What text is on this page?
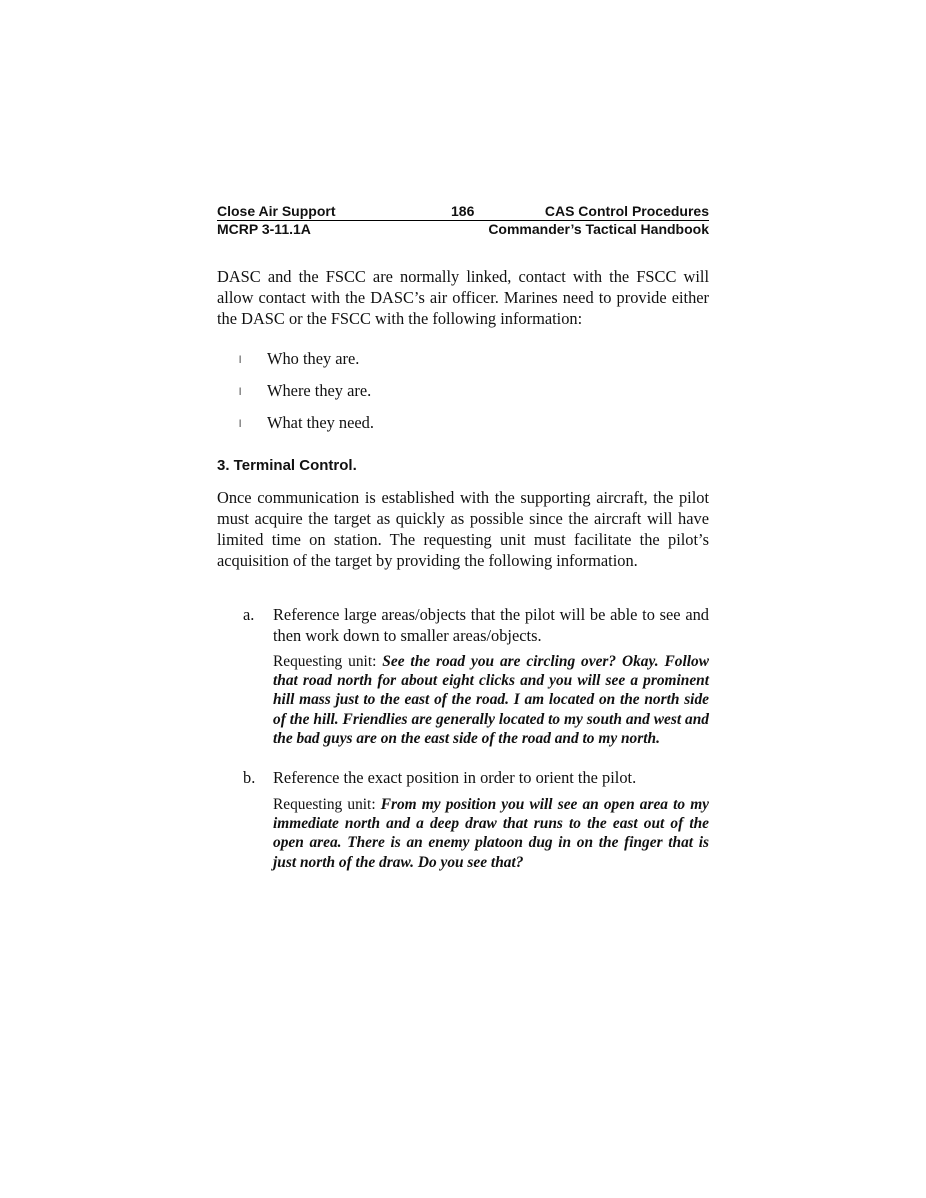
Close Air Support	186	CAS Control Procedures
MCRP 3-11.1A	Commander’s Tactical Handbook
DASC and the FSCC are normally linked, contact with the FSCC will allow contact with the DASC’s air officer. Marines need to provide either the DASC or the FSCC with the following information:
l Who they are.
l Where they are.
l What they need.
3. Terminal Control.
Once communication is established with the supporting aircraft, the pilot must acquire the target as quickly as possible since the aircraft will have limited time on station. The requesting unit must facilitate the pilot’s acquisition of the target by providing the following information.
a. Reference large areas/objects that the pilot will be able to see and then work down to smaller areas/objects.
Requesting unit: See the road you are circling over? Okay. Follow that road north for about eight clicks and you will see a prominent hill mass just to the east of the road. I am located on the north side of the hill. Friendlies are generally located to my south and west and the bad guys are on the east side of the road and to my north.
b. Reference the exact position in order to orient the pilot.
Requesting unit: From my position you will see an open area to my immediate north and a deep draw that runs to the east out of the open area. There is an enemy platoon dug in on the finger that is just north of the draw. Do you see that?
